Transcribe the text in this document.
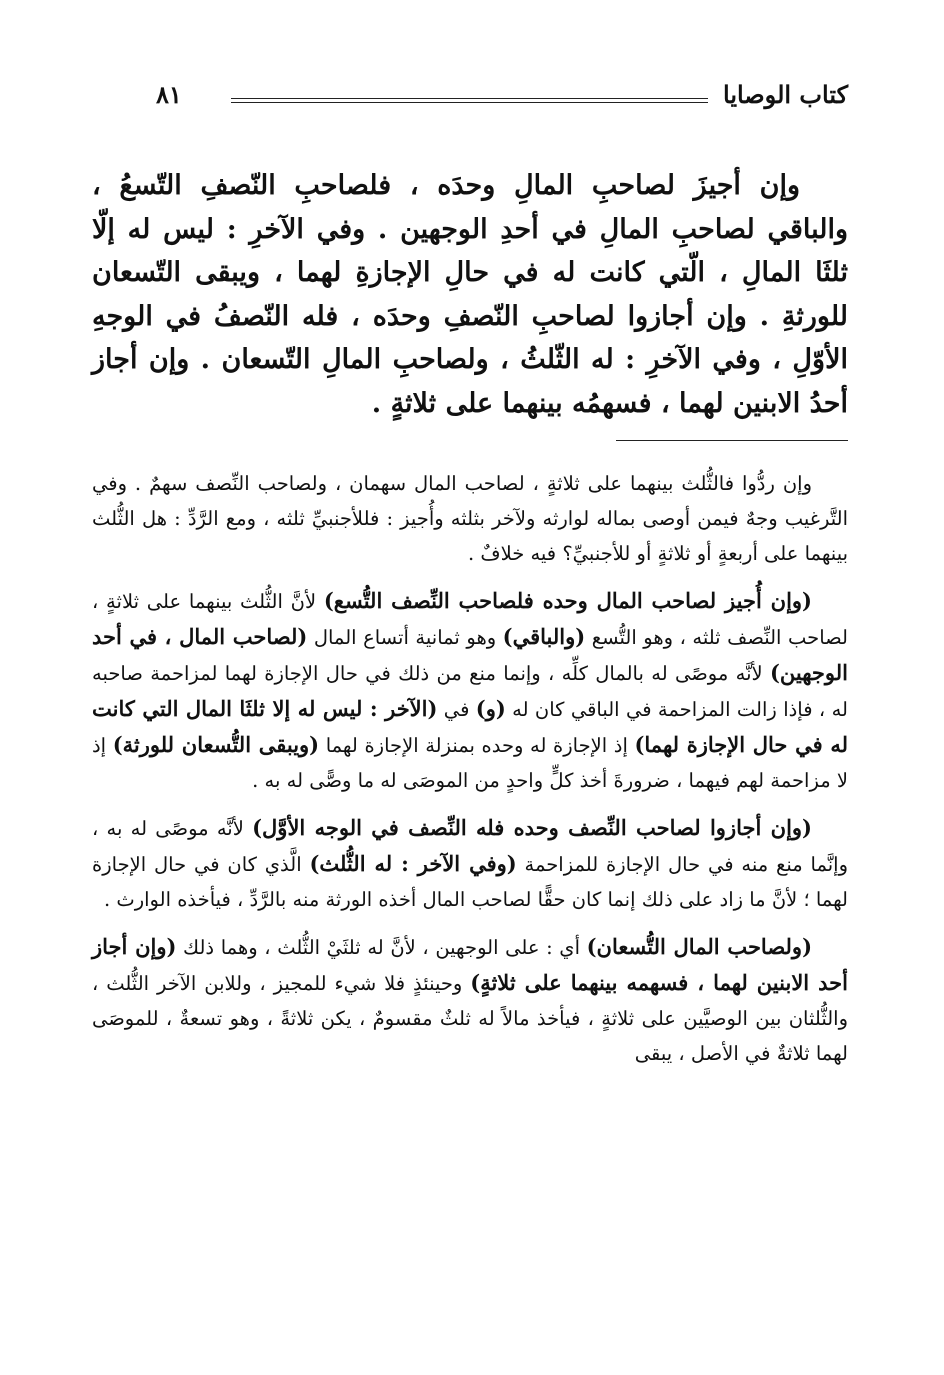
كتاب الوصايا
٨١

وإن أجيزَ لصاحبِ المالِ وحدَه ، فلصاحبِ النّصفِ التّسعُ ، والباقي لصاحبِ المالِ في أحدِ الوجهين . وفي الآخرِ : ليس له إلّا ثلثَا المالِ ، الّتي كانت له في حالِ الإجازةِ لهما ، ويبقى التّسعان للورثةِ . وإن أجازوا لصاحبِ النّصفِ وحدَه ، فله النّصفُ في الوجهِ الأوّلِ ، وفي الآخرِ : له الثّلثُ ، ولصاحبِ المالِ التّسعان . وإن أجاز أحدُ الابنين لهما ، فسهمُه بينهما على ثلاثةٍ .

وإن ردُّوا فالثُّلث بينهما على ثلاثةٍ ، لصاحب المال سهمان ، ولصاحب النِّصف سهمٌ . وفي التَّرغيب وجهٌ فيمن أوصى بماله لوارثه ولآخر بثلثه وأُجيز : فللأجنبيِّ ثلثه ، ومع الرَّدِّ : هل الثُّلث بينهما على أربعةٍ أو ثلاثةٍ أو للأجنبيِّ؟ فيه خلافٌ .

(وإن أُجيز لصاحب المال وحده فلصاحب النِّصف التُّسع) لأنَّ الثُّلث بينهما على ثلاثةٍ ، لصاحب النِّصف ثلثه ، وهو التُّسع (والباقي) وهو ثمانية أتساع المال (لصاحب المال ، في أحد الوجهين) لأنَّه موصًى له بالمال كلِّه ، وإنما منع من ذلك في حال الإجازة لهما لمزاحمة صاحبه له ، فإذا زالت المزاحمة في الباقي كان له (و) في (الآخر : ليس له إلا ثلثَا المال التي كانت له في حال الإجازة لهما) إذ الإجازة له وحده بمنزلة الإجازة لهما (ويبقى التُّسعان للورثة) إذ لا مزاحمة لهم فيهما ، ضرورةَ أخذ كلٍّ واحدٍ من الموصَى له ما وصًّى له به .

(وإن أجازوا لصاحب النِّصف وحده فله النِّصف في الوجه الأوَّل) لأنَّه موصًى له به ، وإنَّما منع منه في حال الإجازة للمزاحمة (وفي الآخر : له الثُّلث) الَّذي كان في حال الإجازة لهما ؛ لأنَّ ما زاد على ذلك إنما كان حقًّا لصاحب المال أخذه الورثة منه بالرَّدِّ ، فيأخذه الوارث .

(ولصاحب المال التُّسعان) أي : على الوجهين ، لأنَّ له ثلثَيْ الثُّلث ، وهما ذلك (وإن أجاز أحد الابنين لهما ، فسهمه بينهما على ثلاثةٍ) وحينئذٍ فلا شيء للمجيز ، وللابن الآخر الثُّلث ، والثُّلثان بين الوصيَّين على ثلاثةٍ ، فيأخذ مالاً له ثلثٌ مقسومٌ ، يكن ثلاثةً ، وهو تسعةٌ ، للموصَى لهما ثلاثةٌ في الأصل ، يبقى
